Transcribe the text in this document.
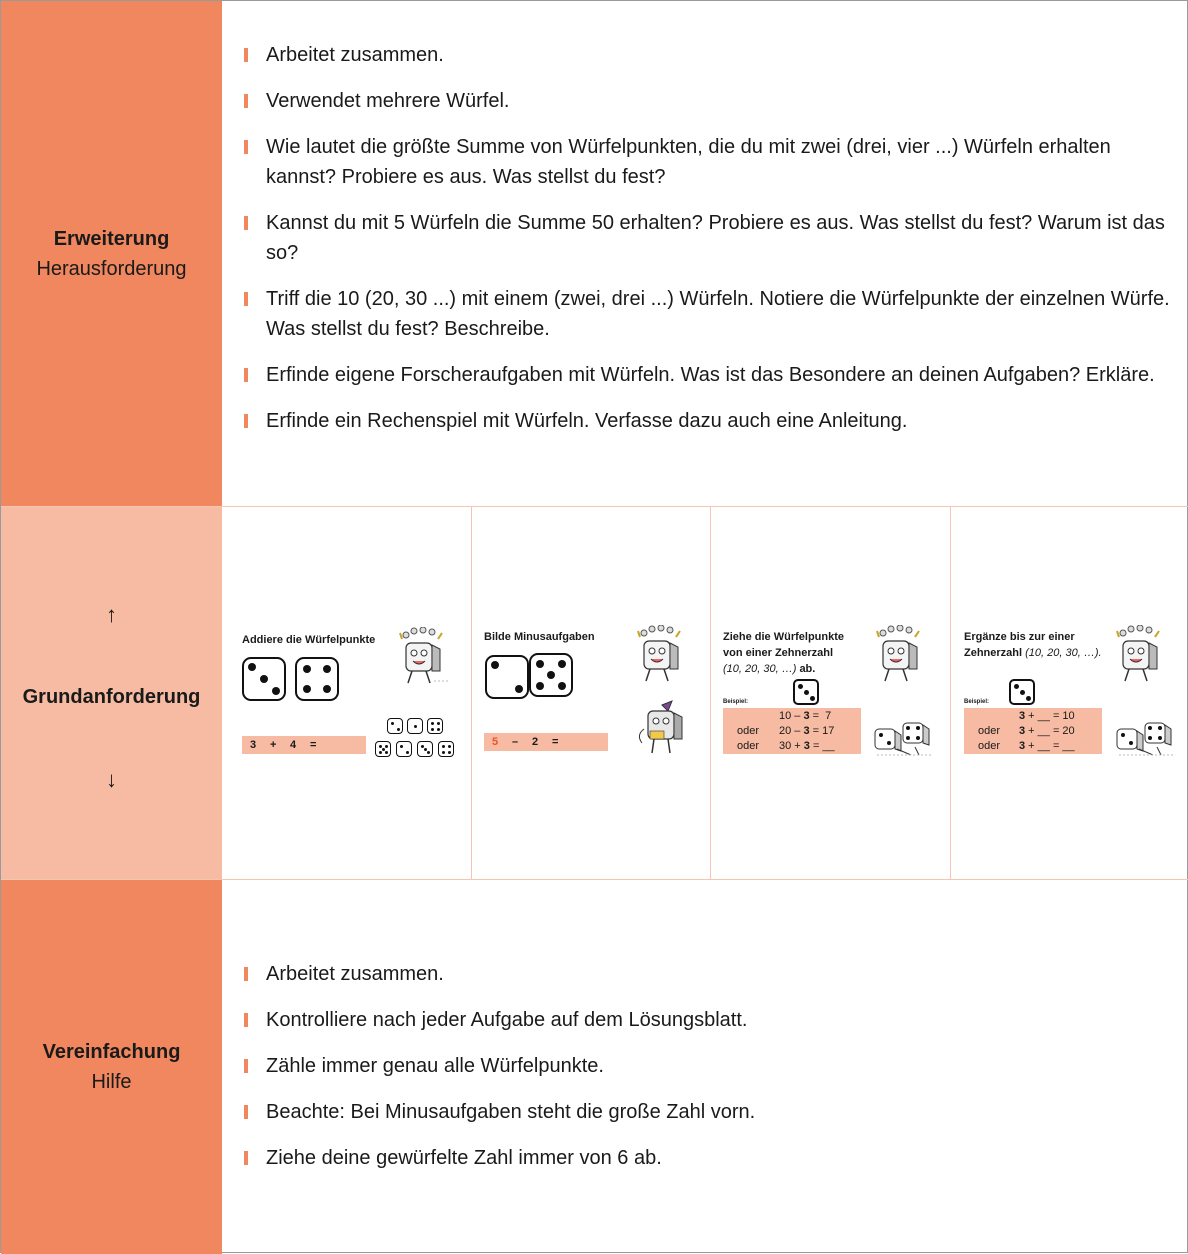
Erweiterung
Herausforderung
Arbeitet zusammen.
Verwendet mehrere Würfel.
Wie lautet die größte Summe von Würfelpunkten, die du mit zwei (drei, vier ...) Würfeln erhalten kannst? Probiere es aus. Was stellst du fest?
Kannst du mit 5 Würfeln die Summe 50 erhalten? Probiere es aus. Was stellst du fest? Warum ist das so?
Triff die 10 (20, 30 ...) mit einem (zwei, drei ...) Würfeln. Notiere die Würfelpunkte der einzelnen Würfe. Was stellst du fest? Beschreibe.
Erfinde eigene Forscheraufgaben mit Würfeln. Was ist das Besondere an deinen Aufgaben? Erkläre.
Erfinde ein Rechenspiel mit Würfeln. Verfasse dazu auch eine Anleitung.
↑
Grundanforderung
↓
Addiere die Würfelpunkte
3 + 4 =
Bilde Minusaufgaben
5 – 2 =
Ziehe die Würfelpunkte
von einer Zehnerzahl
(10, 20, 30, …) ab.
Beispiel:
10 – 3 =  7
oder 20 – 3 = 17
oder 30 + 3 = __
Ergänze bis zur einer
Zehnerzahl (10, 20, 30, …).
Beispiel:
3 + __ = 10
oder 3 + __ = 20
oder 3 + __ = __
Vereinfachung
Hilfe
Arbeitet zusammen.
Kontrolliere nach jeder Aufgabe auf dem Lösungsblatt.
Zähle immer genau alle Würfelpunkte.
Beachte: Bei Minusaufgaben steht die große Zahl vorn.
Ziehe deine gewürfelte Zahl immer von 6 ab.
